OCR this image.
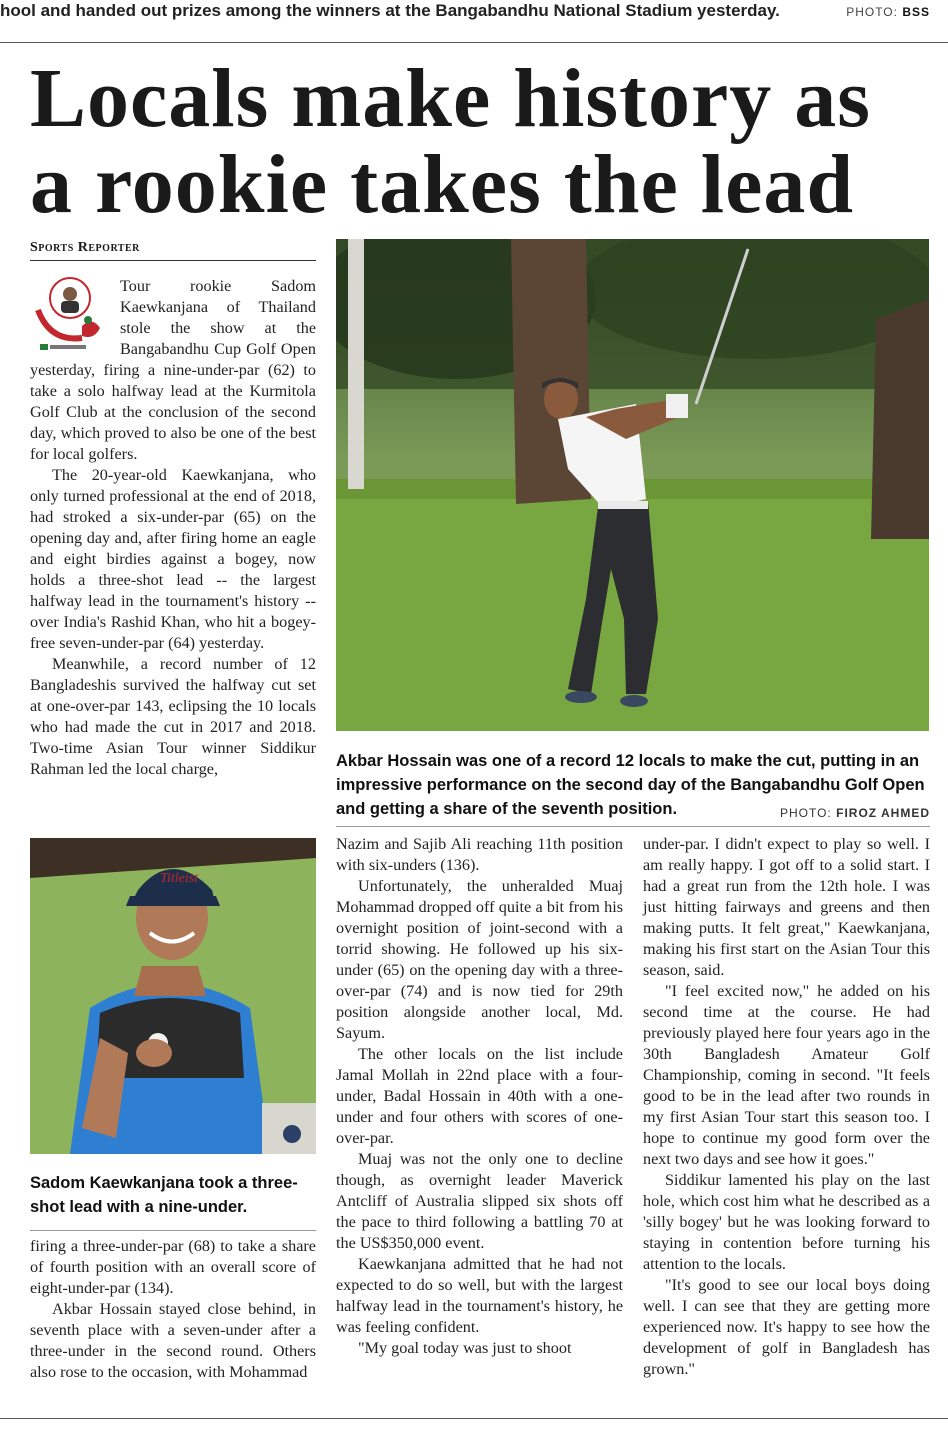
hool and handed out prizes among the winners at the Bangabandhu National Stadium yesterday.	PHOTO: BSS
Locals make history as
a rookie takes the lead
Sports Reporter

Tour rookie Sadom Kaewkanjana of Thailand stole the show at the Bangabandhu Cup Golf Open yesterday, firing a nine-under-par (62) to take a solo halfway lead at the Kurmitola Golf Club at the conclusion of the second day, which proved to also be one of the best for local golfers.

The 20-year-old Kaewkanjana, who only turned professional at the end of 2018, had stroked a six-under-par (65) on the opening day and, after firing home an eagle and eight birdies against a bogey, now holds a three-shot lead -- the largest halfway lead in the tournament's history -- over India's Rashid Khan, who hit a bogey-free seven-under-par (64) yesterday.

Meanwhile, a record number of 12 Bangladeshis survived the halfway cut set at one-over-par 143, eclipsing the 10 locals who had made the cut in 2017 and 2018. Two-time Asian Tour winner Siddikur Rahman led the local charge,	Akbar Hossain was one of a record 12 locals to make the cut, putting in an impressive performance on the second day of the Bangabandhu Golf Open and getting a share of the seventh position.	PHOTO: FIROZ AHMED
Titleist
Sadom Kaewkanjana took a three-shot lead with a nine-under.

firing a three-under-par (68) to take a share of fourth position with an overall score of eight-under-par (134).

Akbar Hossain stayed close behind, in seventh place with a seven-under after a three-under in the second round. Others also rose to the occasion, with Mohammad

Nazim and Sajib Ali reaching 11th position with six-unders (136).

Unfortunately, the unheralded Muaj Mohammad dropped off quite a bit from his overnight position of joint-second with a torrid showing. He followed up his six-under (65) on the opening day with a three-over-par (74) and is now tied for 29th position alongside another local, Md. Sayum.

The other locals on the list include Jamal Mollah in 22nd place with a four-under, Badal Hossain in 40th with a one-under and four others with scores of one-over-par.

Muaj was not the only one to decline though, as overnight leader Maverick Antcliff of Australia slipped six shots off the pace to third following a battling 70 at the US$350,000 event.

Kaewkanjana admitted that he had not expected to do so well, but with the largest halfway lead in the tournament's history, he was feeling confident.

"My goal today was just to shoot

under-par. I didn't expect to play so well. I am really happy. I got off to a solid start. I had a great run from the 12th hole. I was just hitting fairways and greens and then making putts. It felt great," Kaewkanjana, making his first start on the Asian Tour this season, said.

"I feel excited now," he added on his second time at the course. He had previously played here four years ago in the 30th Bangladesh Amateur Golf Championship, coming in second. "It feels good to be in the lead after two rounds in my first Asian Tour start this season too. I hope to continue my good form over the next two days and see how it goes."

Siddikur lamented his play on the last hole, which cost him what he described as a 'silly bogey' but he was looking forward to staying in contention before turning his attention to the locals.

"It's good to see our local boys doing well. I can see that they are getting more experienced now. It's happy to see how the development of golf in Bangladesh has grown."
